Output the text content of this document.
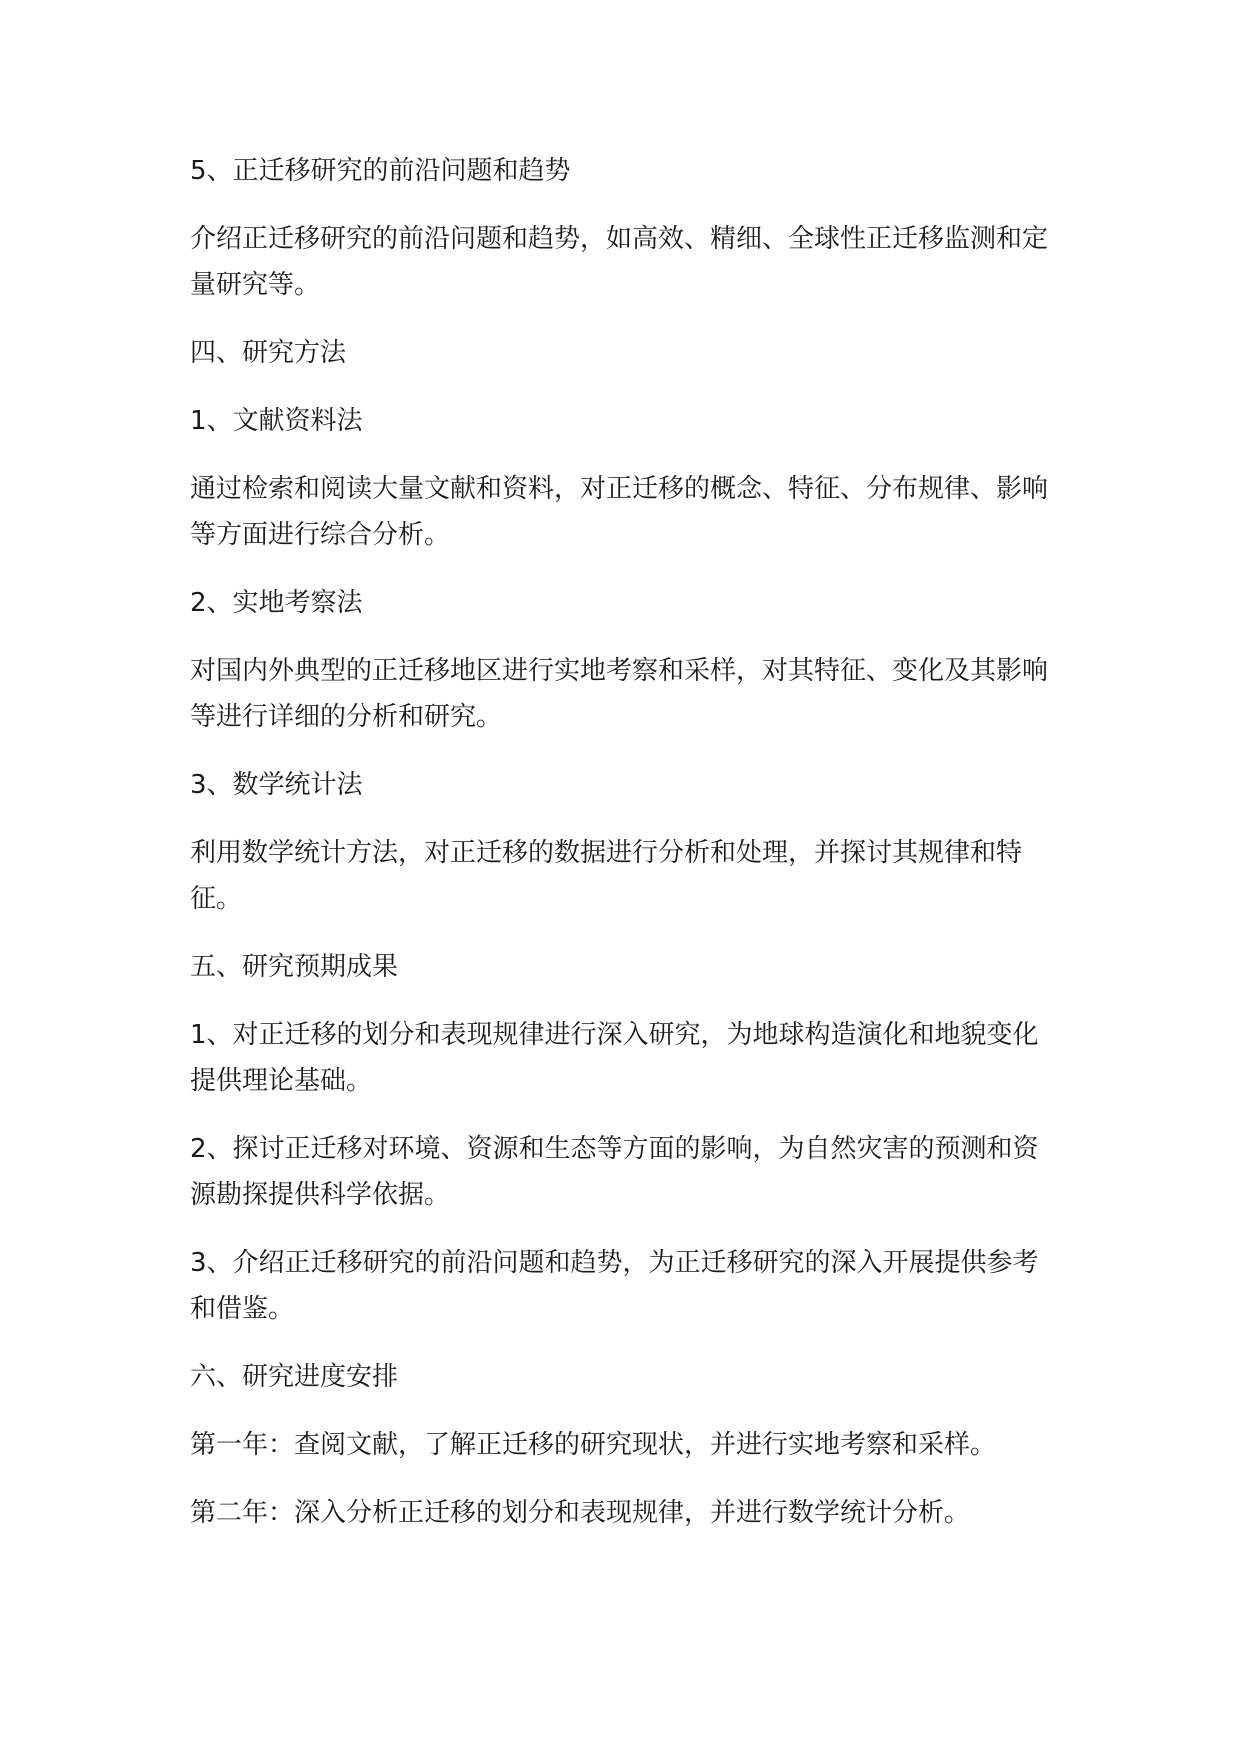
5、正迁移研究的前沿问题和趋势

介绍正迁移研究的前沿问题和趋势，如高效、精细、全球性正迁移监测和定量研究等。

四、研究方法

1、文献资料法

通过检索和阅读大量文献和资料，对正迁移的概念、特征、分布规律、影响等方面进行综合分析。

2、实地考察法

对国内外典型的正迁移地区进行实地考察和采样，对其特征、变化及其影响等进行详细的分析和研究。

3、数学统计法

利用数学统计方法，对正迁移的数据进行分析和处理，并探讨其规律和特征。

五、研究预期成果

1、对正迁移的划分和表现规律进行深入研究，为地球构造演化和地貌变化提供理论基础。

2、探讨正迁移对环境、资源和生态等方面的影响，为自然灾害的预测和资源勘探提供科学依据。

3、介绍正迁移研究的前沿问题和趋势，为正迁移研究的深入开展提供参考和借鉴。

六、研究进度安排

第一年：查阅文献，了解正迁移的研究现状，并进行实地考察和采样。

第二年：深入分析正迁移的划分和表现规律，并进行数学统计分析。
